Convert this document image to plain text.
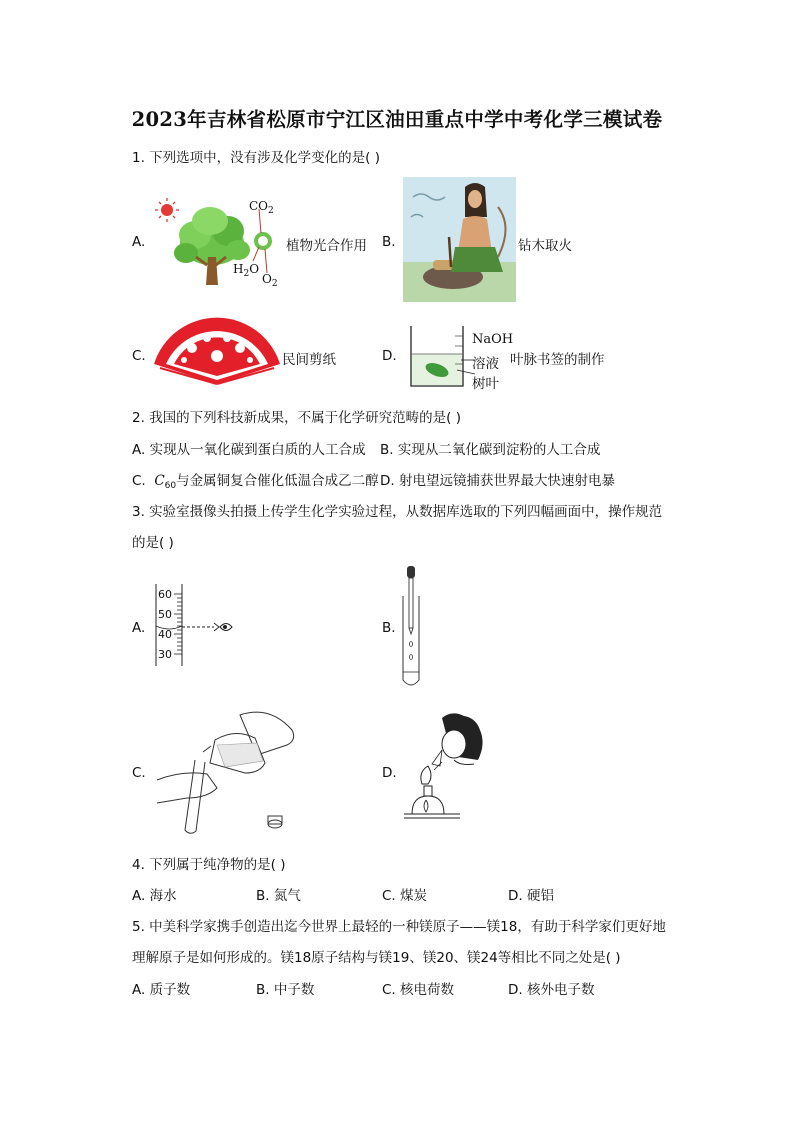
2023年吉林省松原市宁江区油田重点中学中考化学三模试卷
1. 下列选项中，没有涉及化学变化的是( )
A.
$CO_2$
$H_2O$
$O_2$
植物光合作用 B.	钻木取火
C.	民间剪纸	D.
NaOH
溶液
树叶
叶脉书签的制作
2. 我国的下列科技新成果，不属于化学研究范畴的是( )
A. 实现从一氧化碳到蛋白质的人工合成 B. 实现从二氧化碳到淀粉的人工合成
C. $C_{60}$与金属铜复合催化低温合成乙二醇 D. 射电望远镜捕获世界最大快速射电暴
3. 实验室摄像头拍摄上传学生化学实验过程，从数据库选取的下列四幅画面中，操作规范
的是( )
A.
60
50
40
30
B.
C.	D.
4. 下列属于纯净物的是( )
A. 海水	B. 氮气	C. 煤炭	D. 硬铝
5. 中美科学家携手创造出迄今世界上最轻的一种镁原子——镁18，有助于科学家们更好地
理解原子是如何形成的。镁18原子结构与镁19、镁20、镁24等相比不同之处是( )
A. 质子数	B. 中子数	C. 核电荷数	D. 核外电子数
